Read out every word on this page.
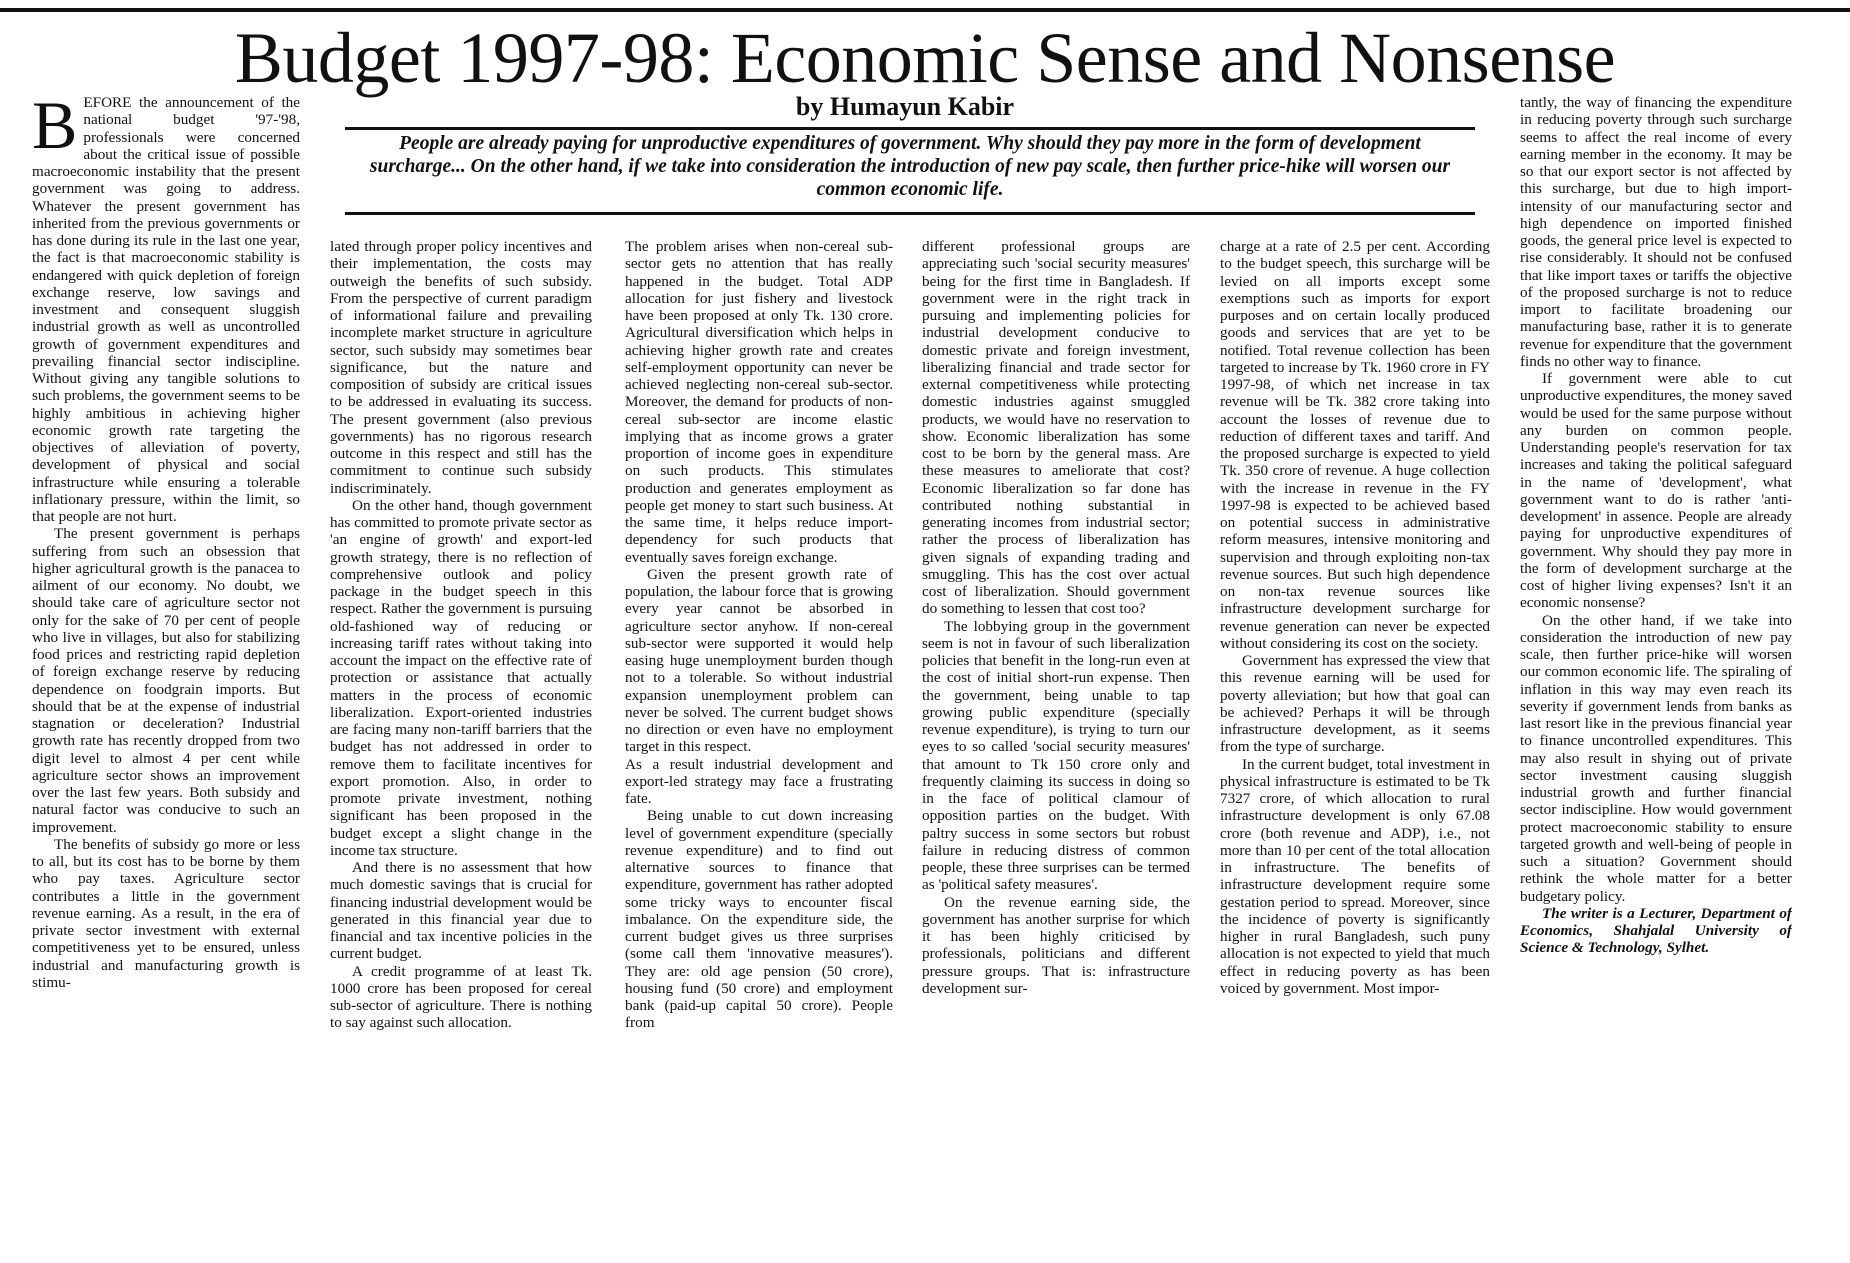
Budget 1997-98: Economic Sense and Nonsense
by Humayun Kabir
People are already paying for unproductive expenditures of government. Why should they pay more in the form of development surcharge... On the other hand, if we take into consideration the introduction of new pay scale, then further price-hike will worsen our common economic life.
B EFORE the announcement of the national budget '97-'98, professionals were concerned about the critical issue of possible macroeconomic instability that the present government was going to address. Whatever the present government has inherited from the previous governments or has done during its rule in the last one year, the fact is that macroeconomic stability is endangered with quick depletion of foreign exchange reserve, low savings and investment and consequent sluggish industrial growth as well as uncontrolled growth of government expenditures and prevailing financial sector indiscipline. Without giving any tangible solutions to such problems, the government seems to be highly ambitious in achieving higher economic growth rate targeting the objectives of alleviation of poverty, development of physical and social infrastructure while ensuring a tolerable inflationary pressure, within the limit, so that people are not hurt.

The present government is perhaps suffering from such an obsession that higher agricultural growth is the panacea to ailment of our economy. No doubt, we should take care of agriculture sector not only for the sake of 70 per cent of people who live in villages, but also for stabilizing food prices and restricting rapid depletion of foreign exchange reserve by reducing dependence on foodgrain imports. But should that be at the expense of industrial stagnation or deceleration? Industrial growth rate has recently dropped from two digit level to almost 4 per cent while agriculture sector shows an improvement over the last few years. Both subsidy and natural factor was conducive to such an improvement.

The benefits of subsidy go more or less to all, but its cost has to be borne by them who pay taxes. Agriculture sector contributes a little in the government revenue earning. As a result, in the era of private sector investment with external competitiveness yet to be ensured, unless industrial and manufacturing growth is stimu-

lated through proper policy incentives and their implementation, the costs may outweigh the benefits of such subsidy. From the perspective of current paradigm of informational failure and prevailing incomplete market structure in agriculture sector, such subsidy may sometimes bear significance, but the nature and composition of subsidy are critical issues to be addressed in evaluating its success. The present government (also previous governments) has no rigorous research outcome in this respect and still has the commitment to continue such subsidy indiscriminately.

On the other hand, though government has committed to promote private sector as 'an engine of growth' and export-led growth strategy, there is no reflection of comprehensive outlook and policy package in the budget speech in this respect. Rather the government is pursuing old-fashioned way of reducing or increasing tariff rates without taking into account the impact on the effective rate of protection or assistance that actually matters in the process of economic liberalization. Export-oriented industries are facing many non-tariff barriers that the budget has not addressed in order to remove them to facilitate incentives for export promotion. Also, in order to promote private investment, nothing significant has been proposed in the budget except a slight change in the income tax structure.

And there is no assessment that how much domestic savings that is crucial for financing industrial development would be generated in this financial year due to financial and tax incentive policies in the current budget.

A credit programme of at least Tk. 1000 crore has been proposed for cereal sub-sector of agriculture. There is nothing to say against such allocation.

The problem arises when non-cereal sub-sector gets no attention that has really happened in the budget. Total ADP allocation for just fishery and livestock have been proposed at only Tk. 130 crore. Agricultural diversification which helps in achieving higher growth rate and creates self-employment opportunity can never be achieved neglecting non-cereal sub-sector. Moreover, the demand for products of non-cereal sub-sector are income elastic implying that as income grows a grater proportion of income goes in expenditure on such products. This stimulates production and generates employment as people get money to start such business. At the same time, it helps reduce import-dependency for such products that eventually saves foreign exchange.

Given the present growth rate of population, the labour force that is growing every year cannot be absorbed in agriculture sector anyhow. If non-cereal sub-sector were supported it would help easing huge unemployment burden though not to a tolerable. So without industrial expansion unemployment problem can never be solved. The current budget shows no direction or even have no employment target in this respect.

As a result industrial development and export-led strategy may face a frustrating fate.

Being unable to cut down increasing level of government expenditure (specially revenue expenditure) and to find out alternative sources to finance that expenditure, government has rather adopted some tricky ways to encounter fiscal imbalance. On the expenditure side, the current budget gives us three surprises (some call them 'innovative measures'). They are: old age pension (50 crore), housing fund (50 crore) and employment bank (paid-up capital 50 crore). People from

different professional groups are appreciating such 'social security measures' being for the first time in Bangladesh. If government were in the right track in pursuing and implementing policies for industrial development conducive to domestic private and foreign investment, liberalizing financial and trade sector for external competitiveness while protecting domestic industries against smuggled products, we would have no reservation to show. Economic liberalization has some cost to be born by the general mass. Are these measures to ameliorate that cost? Economic liberalization so far done has contributed nothing substantial in generating incomes from industrial sector; rather the process of liberalization has given signals of expanding trading and smuggling. This has the cost over actual cost of liberalization. Should government do something to lessen that cost too?

The lobbying group in the government seem is not in favour of such liberalization policies that benefit in the long-run even at the cost of initial short-run expense. Then the government, being unable to tap growing public expenditure (specially revenue expenditure), is trying to turn our eyes to so called 'social security measures' that amount to Tk 150 crore only and frequently claiming its success in doing so in the face of political clamour of opposition parties on the budget. With paltry success in some sectors but robust failure in reducing distress of common people, these three surprises can be termed as 'political safety measures'.

On the revenue earning side, the government has another surprise for which it has been highly criticised by professionals, politicians and different pressure groups. That is: infrastructure development sur-

charge at a rate of 2.5 per cent. According to the budget speech, this surcharge will be levied on all imports except some exemptions such as imports for export purposes and on certain locally produced goods and services that are yet to be notified. Total revenue collection has been targeted to increase by Tk. 1960 crore in FY 1997-98, of which net increase in tax revenue will be Tk. 382 crore taking into account the losses of revenue due to reduction of different taxes and tariff. And the proposed surcharge is expected to yield Tk. 350 crore of revenue. A huge collection with the increase in revenue in the FY 1997-98 is expected to be achieved based on potential success in administrative reform measures, intensive monitoring and supervision and through exploiting non-tax revenue sources. But such high dependence on non-tax revenue sources like infrastructure development surcharge for revenue generation can never be expected without considering its cost on the society.

Government has expressed the view that this revenue earning will be used for poverty alleviation; but how that goal can be achieved? Perhaps it will be through infrastructure development, as it seems from the type of surcharge.

In the current budget, total investment in physical infrastructure is estimated to be Tk 7327 crore, of which allocation to rural infrastructure development is only 67.08 crore (both revenue and ADP), i.e., not more than 10 per cent of the total allocation in infrastructure. The benefits of infrastructure development require some gestation period to spread. Moreover, since the incidence of poverty is significantly higher in rural Bangladesh, such puny allocation is not expected to yield that much effect in reducing poverty as has been voiced by government. Most impor-

tantly, the way of financing the expenditure in reducing poverty through such surcharge seems to affect the real income of every earning member in the economy. It may be so that our export sector is not affected by this surcharge, but due to high import-intensity of our manufacturing sector and high dependence on imported finished goods, the general price level is expected to rise considerably. It should not be confused that like import taxes or tariffs the objective of the proposed surcharge is not to reduce import to facilitate broadening our manufacturing base, rather it is to generate revenue for expenditure that the government finds no other way to finance.

If government were able to cut unproductive expenditures, the money saved would be used for the same purpose without any burden on common people. Understanding people's reservation for tax increases and taking the political safeguard in the name of 'development', what government want to do is rather 'anti-development' in assence. People are already paying for unproductive expenditures of government. Why should they pay more in the form of development surcharge at the cost of higher living expenses? Isn't it an economic nonsense?

On the other hand, if we take into consideration the introduction of new pay scale, then further price-hike will worsen our common economic life. The spiraling of inflation in this way may even reach its severity if government lends from banks as last resort like in the previous financial year to finance uncontrolled expenditures. This may also result in shying out of private sector investment causing sluggish industrial growth and further financial sector indiscipline. How would government protect macroeconomic stability to ensure targeted growth and well-being of people in such a situation? Government should rethink the whole matter for a better budgetary policy.

The writer is a Lecturer, Department of Economics, Shahjalal University of Science & Technology, Sylhet.
